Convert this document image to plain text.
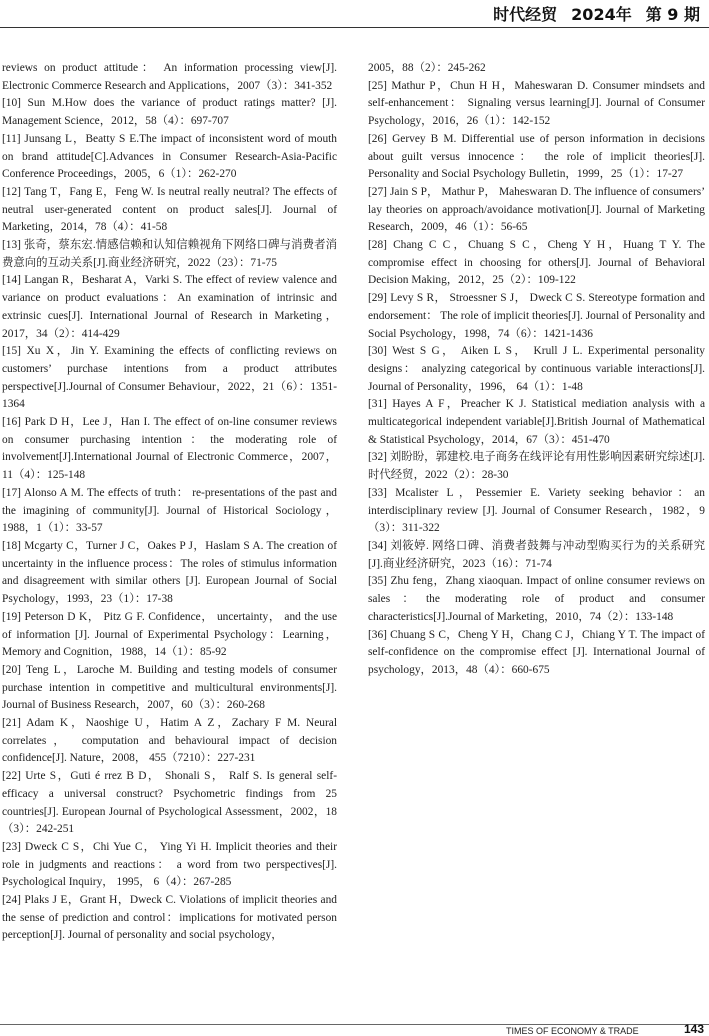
时代经贸 2024年 第 9 期

reviews on product attitude： An information processing view[J]. Electronic Commerce Research and Applications，2007（3）：341-352

[10] Sun M.How does the variance of product ratings matter? [J]. Management Science，2012，58（4）：697-707

[11] Junsang L，Beatty S E.The impact of inconsistent word of mouth on brand attitude[C].Advances in Consumer Research-Asia-Pacific Conference Proceedings，2005，6（1）：262-270

[12] Tang T，Fang E，Feng W. Is neutral really neutral? The effects of neutral user-generated content on product sales[J]. Journal of Marketing，2014，78（4）：41-58

[13] 张奇，蔡东宏.情感信赖和认知信赖视角下网络口碑与消费者消费意向的互动关系[J].商业经济研究，2022（23）：71-75

[14] Langan R，Besharat A，Varki S. The effect of review valence and variance on product evaluations：An examination of intrinsic and extrinsic cues[J]. International Journal of Research in Marketing，2017，34（2）：414-429

[15] Xu X，Jin Y. Examining the effects of conflicting reviews on customers’ purchase intentions from a product attributes perspective[J].Journal of Consumer Behaviour，2022，21（6）：1351-1364

[16] Park D H，Lee J，Han I. The effect of on-line consumer reviews on consumer purchasing intention：the moderating role of involvement[J].International Journal of Electronic Commerce，2007，11（4）：125-148

[17] Alonso A M. The effects of truth： re-presentations of the past and the imagining of community[J]. Journal of Historical Sociology，1988，1（1）：33-57

[18] Mcgarty C，Turner J C，Oakes P J，Haslam S A. The creation of uncertainty in the influence process：The roles of stimulus information and disagreement with similar others [J]. European Journal of Social Psychology，1993，23（1）：17-38

[19] Peterson D K， Pitz G F. Confidence， uncertainty， and the use of information [J]. Journal of Experimental Psychology：Learning，Memory and Cognition，1988，14（1）：85-92

[20] Teng L，Laroche M. Building and testing models of consumer purchase intention in competitive and multicultural environments[J]. Journal of Business Research，2007，60（3）：260-268

[21] Adam K，Naoshige U，Hatim A Z，Zachary F M. Neural correlates， computation and behavioural impact of decision confidence[J]. Nature，2008， 455（7210）：227-231

[22] Urte S，Guti é rrez B D， Shonali S， Ralf S. Is general self-efficacy a universal construct? Psychometric findings from 25 countries[J]. European Journal of Psychological Assessment，2002，18（3）：242-251

[23] Dweck C S，Chi Yue C， Ying Yi H. Implicit theories and their role in judgments and reactions： a word from two perspectives[J]. Psychological Inquiry， 1995， 6（4）：267-285

[24] Plaks J E，Grant H，Dweck C. Violations of implicit theories and the sense of prediction and control：implications for motivated person perception[J]. Journal of personality and social psychology，

2005，88（2）：245-262

[25] Mathur P，Chun H H，Maheswaran D. Consumer mindsets and self-enhancement： Signaling versus learning[J]. Journal of Consumer Psychology，2016，26（1）：142-152

[26] Gervey B M. Differential use of person information in decisions about guilt versus innocence： the role of implicit theories[J]. Personality and Social Psychology Bulletin，1999，25（1）：17-27

[27] Jain S P， Mathur P， Maheswaran D. The influence of consumers’ lay theories on approach/avoidance motivation[J]. Journal of Marketing Research，2009，46（1）：56-65

[28] Chang C C，Chuang S C，Cheng Y H，Huang T Y. The compromise effect in choosing for others[J]. Journal of Behavioral Decision Making，2012，25（2）：109-122

[29] Levy S R， Stroessner S J， Dweck C S. Stereotype formation and endorsement： The role of implicit theories[J]. Journal of Personality and Social Psychology，1998，74（6）：1421-1436

[30] West S G， Aiken L S， Krull J L. Experimental personality designs： analyzing categorical by continuous variable interactions[J]. Journal of Personality，1996， 64（1）：1-48

[31] Hayes A F，Preacher K J. Statistical mediation analysis with a multicategorical independent variable[J].British Journal of Mathematical & Statistical Psychology，2014，67（3）：451-470

[32] 刘盼盼，郭建校.电子商务在线评论有用性影响因素研究综述[J].时代经贸，2022（2）：28-30

[33] Mcalister L，Pessemier E. Variety seeking behavior：an interdisciplinary review [J]. Journal of Consumer Research，1982，9（3）：311-322

[34] 刘筱婷. 网络口碑、消费者鼓舞与冲动型购买行为的关系研究[J].商业经济研究，2023（16）：71-74

[35] Zhu feng，Zhang xiaoquan. Impact of online consumer reviews on sales：the moderating role of product and consumer characteristics[J].Journal of Marketing，2010，74（2）：133-148

[36] Chuang S C，Cheng Y H，Chang C J，Chiang Y T. The impact of self-confidence on the compromise effect [J]. International Journal of psychology，2013，48（4）：660-675

TIMES OF ECONOMY & TRADE	143
